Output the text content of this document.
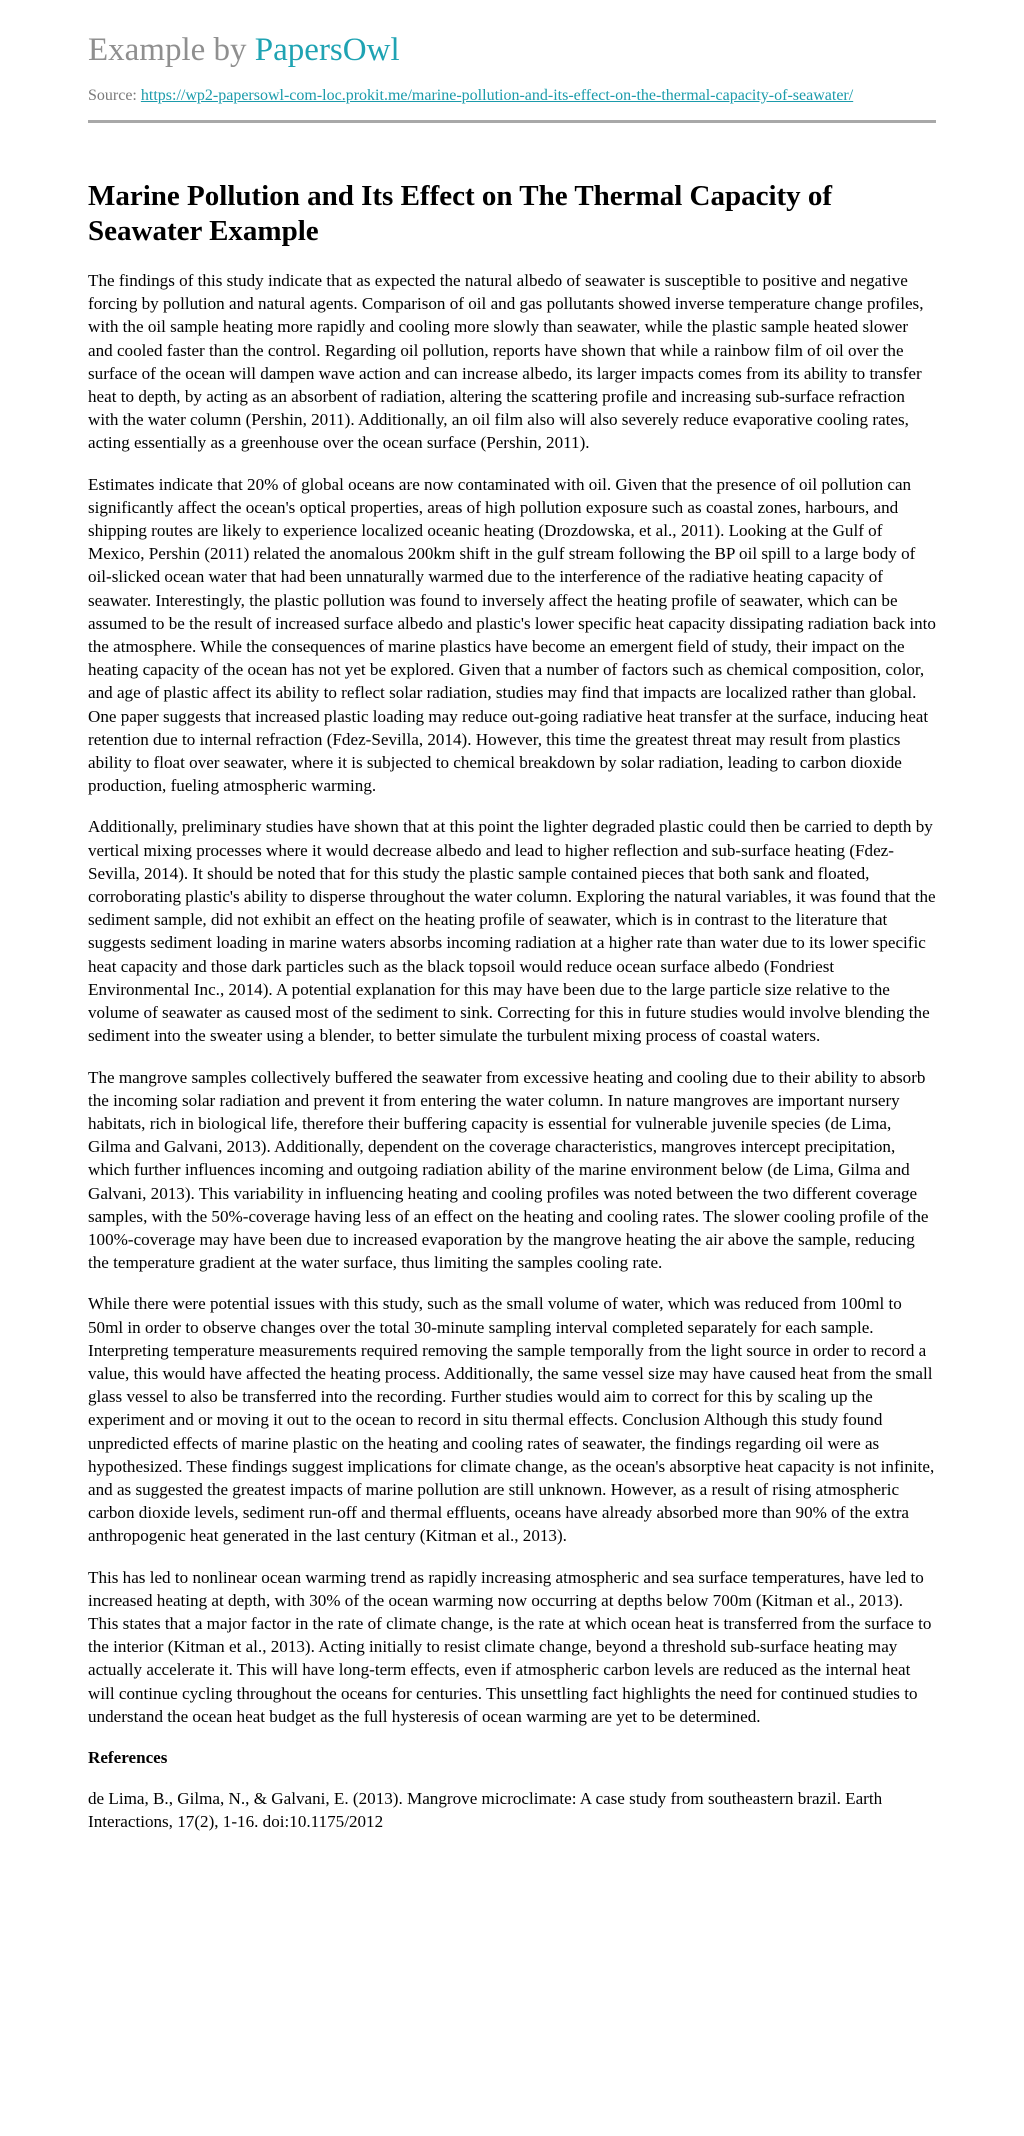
Example by PapersOwl

Source: https://wp2-papersowl-com-loc.prokit.me/marine-pollution-and-its-effect-on-the-thermal-capacity-of-seawater/
Marine Pollution and Its Effect on The Thermal Capacity of Seawater Example

The findings of this study indicate that as expected the natural albedo of seawater is susceptible to positive and negative forcing by pollution and natural agents. Comparison of oil and gas pollutants showed inverse temperature change profiles, with the oil sample heating more rapidly and cooling more slowly than seawater, while the plastic sample heated slower and cooled faster than the control. Regarding oil pollution, reports have shown that while a rainbow film of oil over the surface of the ocean will dampen wave action and can increase albedo, its larger impacts comes from its ability to transfer heat to depth, by acting as an absorbent of radiation, altering the scattering profile and increasing sub-surface refraction with the water column (Pershin, 2011). Additionally, an oil film also will also severely reduce evaporative cooling rates, acting essentially as a greenhouse over the ocean surface (Pershin, 2011).

Estimates indicate that 20% of global oceans are now contaminated with oil. Given that the presence of oil pollution can significantly affect the ocean's optical properties, areas of high pollution exposure such as coastal zones, harbours, and shipping routes are likely to experience localized oceanic heating (Drozdowska, et al., 2011). Looking at the Gulf of Mexico, Pershin (2011) related the anomalous 200km shift in the gulf stream following the BP oil spill to a large body of oil-slicked ocean water that had been unnaturally warmed due to the interference of the radiative heating capacity of seawater. Interestingly, the plastic pollution was found to inversely affect the heating profile of seawater, which can be assumed to be the result of increased surface albedo and plastic's lower specific heat capacity dissipating radiation back into the atmosphere. While the consequences of marine plastics have become an emergent field of study, their impact on the heating capacity of the ocean has not yet be explored. Given that a number of factors such as chemical composition, color, and age of plastic affect its ability to reflect solar radiation, studies may find that impacts are localized rather than global. One paper suggests that increased plastic loading may reduce out-going radiative heat transfer at the surface, inducing heat retention due to internal refraction (Fdez-Sevilla, 2014). However, this time the greatest threat may result from plastics ability to float over seawater, where it is subjected to chemical breakdown by solar radiation, leading to carbon dioxide production, fueling atmospheric warming.

Additionally, preliminary studies have shown that at this point the lighter degraded plastic could then be carried to depth by vertical mixing processes where it would decrease albedo and lead to higher reflection and sub-surface heating (Fdez-Sevilla, 2014). It should be noted that for this study the plastic sample contained pieces that both sank and floated, corroborating plastic's ability to disperse throughout the water column. Exploring the natural variables, it was found that the sediment sample, did not exhibit an effect on the heating profile of seawater, which is in contrast to the literature that suggests sediment loading in marine waters absorbs incoming radiation at a higher rate than water due to its lower specific heat capacity and those dark particles such as the black topsoil would reduce ocean surface albedo (Fondriest Environmental Inc., 2014). A potential explanation for this may have been due to the large particle size relative to the volume of seawater as caused most of the sediment to sink. Correcting for this in future studies would involve blending the sediment into the sweater using a blender, to better simulate the turbulent mixing process of coastal waters.

The mangrove samples collectively buffered the seawater from excessive heating and cooling due to their ability to absorb the incoming solar radiation and prevent it from entering the water column. In nature mangroves are important nursery habitats, rich in biological life, therefore their buffering capacity is essential for vulnerable juvenile species (de Lima, Gilma and Galvani, 2013). Additionally, dependent on the coverage characteristics, mangroves intercept precipitation, which further influences incoming and outgoing radiation ability of the marine environment below (de Lima, Gilma and Galvani, 2013). This variability in influencing heating and cooling profiles was noted between the two different coverage samples, with the 50%-coverage having less of an effect on the heating and cooling rates. The slower cooling profile of the 100%-coverage may have been due to increased evaporation by the mangrove heating the air above the sample, reducing the temperature gradient at the water surface, thus limiting the samples cooling rate.

While there were potential issues with this study, such as the small volume of water, which was reduced from 100ml to 50ml in order to observe changes over the total 30-minute sampling interval completed separately for each sample. Interpreting temperature measurements required removing the sample temporally from the light source in order to record a value, this would have affected the heating process. Additionally, the same vessel size may have caused heat from the small glass vessel to also be transferred into the recording. Further studies would aim to correct for this by scaling up the experiment and or moving it out to the ocean to record in situ thermal effects. Conclusion Although this study found unpredicted effects of marine plastic on the heating and cooling rates of seawater, the findings regarding oil were as hypothesized. These findings suggest implications for climate change, as the ocean's absorptive heat capacity is not infinite, and as suggested the greatest impacts of marine pollution are still unknown. However, as a result of rising atmospheric carbon dioxide levels, sediment run-off and thermal effluents, oceans have already absorbed more than 90% of the extra anthropogenic heat generated in the last century (Kitman et al., 2013).

This has led to nonlinear ocean warming trend as rapidly increasing atmospheric and sea surface temperatures, have led to increased heating at depth, with 30% of the ocean warming now occurring at depths below 700m (Kitman et al., 2013). This states that a major factor in the rate of climate change, is the rate at which ocean heat is transferred from the surface to the interior (Kitman et al., 2013). Acting initially to resist climate change, beyond a threshold sub-surface heating may actually accelerate it. This will have long-term effects, even if atmospheric carbon levels are reduced as the internal heat will continue cycling throughout the oceans for centuries. This unsettling fact highlights the need for continued studies to understand the ocean heat budget as the full hysteresis of ocean warming are yet to be determined.

References

de Lima, B., Gilma, N., & Galvani, E. (2013). Mangrove microclimate: A case study from southeastern brazil. Earth Interactions, 17(2), 1-16. doi:10.1175/2012
